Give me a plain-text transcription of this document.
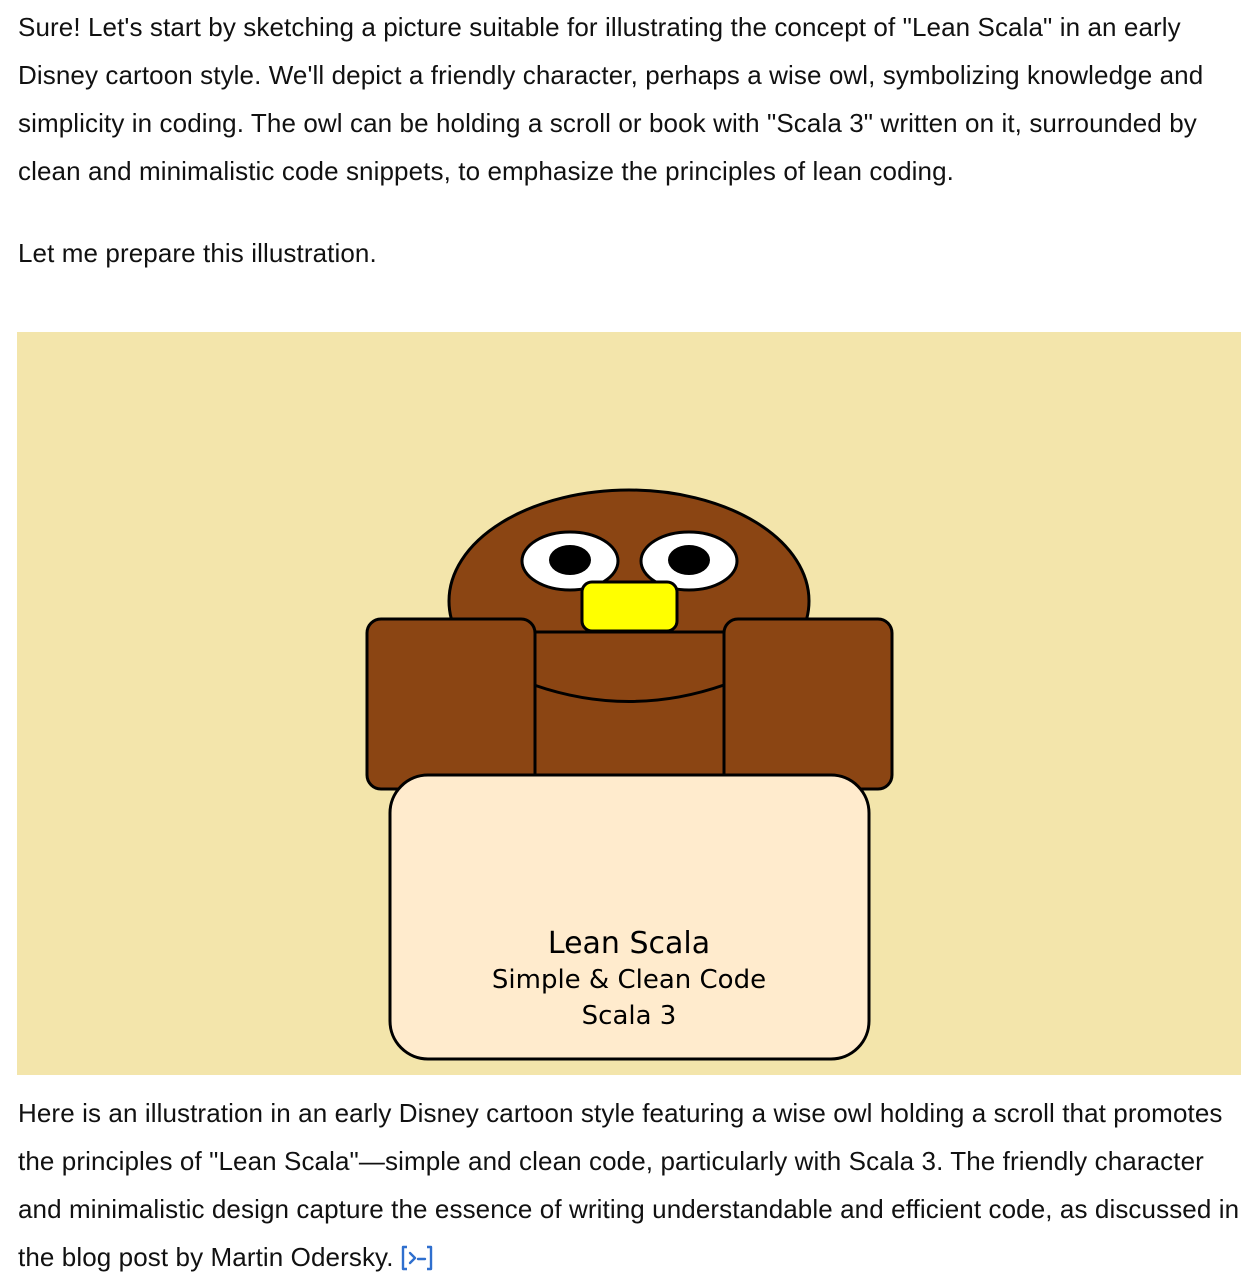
Sure! Let's start by sketching a picture suitable for illustrating the concept of "Lean Scala" in an early Disney cartoon style. We'll depict a friendly character, perhaps a wise owl, symbolizing knowledge and simplicity in coding. The owl can be holding a scroll or book with "Scala 3" written on it, surrounded by clean and minimalistic code snippets, to emphasize the principles of lean coding.

Let me prepare this illustration.

Lean Scala
Simple & Clean Code
Scala 3

Here is an illustration in an early Disney cartoon style featuring a wise owl holding a scroll that promotes the principles of "Lean Scala"—simple and clean code, particularly with Scala 3. The friendly character and minimalistic design capture the essence of writing understandable and efficient code, as discussed in the blog post by Martin Odersky.
